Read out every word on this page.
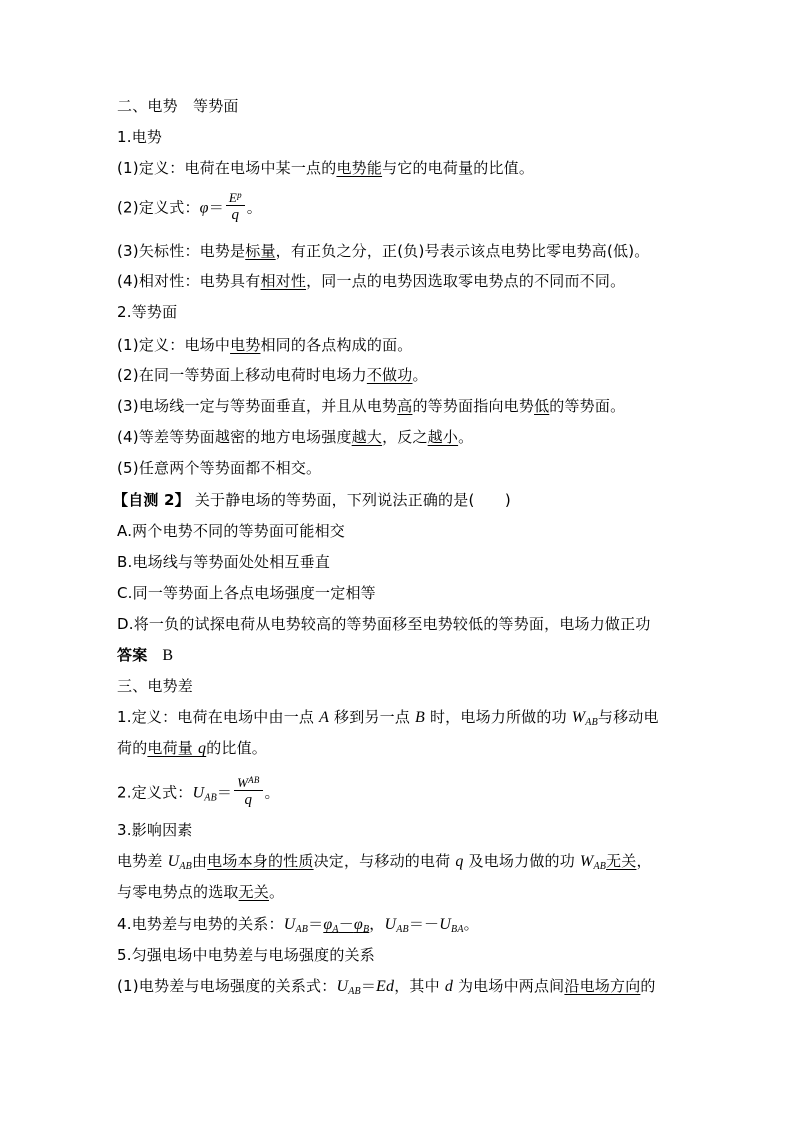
二、电势　等势面
1.电势
(1)定义：电荷在电场中某一点的电势能与它的电荷量的比值。
(2)定义式：$\varphi= \frac{E^p}{q}$ 。
(3)矢标性：电势是标量，有正负之分，正(负)号表示该点电势比零电势高(低)。
(4)相对性：电势具有相对性，同一点的电势因选取零电势点的不同而不同。
2.等势面
(1)定义：电场中电势相同的各点构成的面。
(2)在同一等势面上移动电荷时电场力不做功。
(3)电场线一定与等势面垂直，并且从电势高的等势面指向电势低的等势面。
(4)等差等势面越密的地方电场强度越大，反之越小。
(5)任意两个等势面都不相交。
【自测 2】 关于静电场的等势面，下列说法正确的是(　　)
A.两个电势不同的等势面可能相交
B.电场线与等势面处处相互垂直
C.同一等势面上各点电场强度一定相等
D.将一负的试探电荷从电势较高的等势面移至电势较低的等势面，电场力做正功
答案 B
三、电势差
1.定义：电荷在电场中由一点 A 移到另一点 B 时，电场力所做的功 $W_{AB}$与移动电
荷的电荷量 q的比值。
2.定义式：$U_{AB}= \frac{W^{AB}}{q}$ 。
3.影响因素
电势差 $U_{AB}$由电场本身的性质决定，与移动的电荷 q 及电场力做的功 $W_{AB}$无关，
与零电势点的选取无关。
4.电势差与电势的关系：$U_{AB}=\varphi_A-\varphi_B$，$U_{AB}=-U_{BA}$。
5.匀强电场中电势差与电场强度的关系
(1)电势差与电场强度的关系式：$U_{AB}=Ed$，其中 d 为电场中两点间沿电场方向的
